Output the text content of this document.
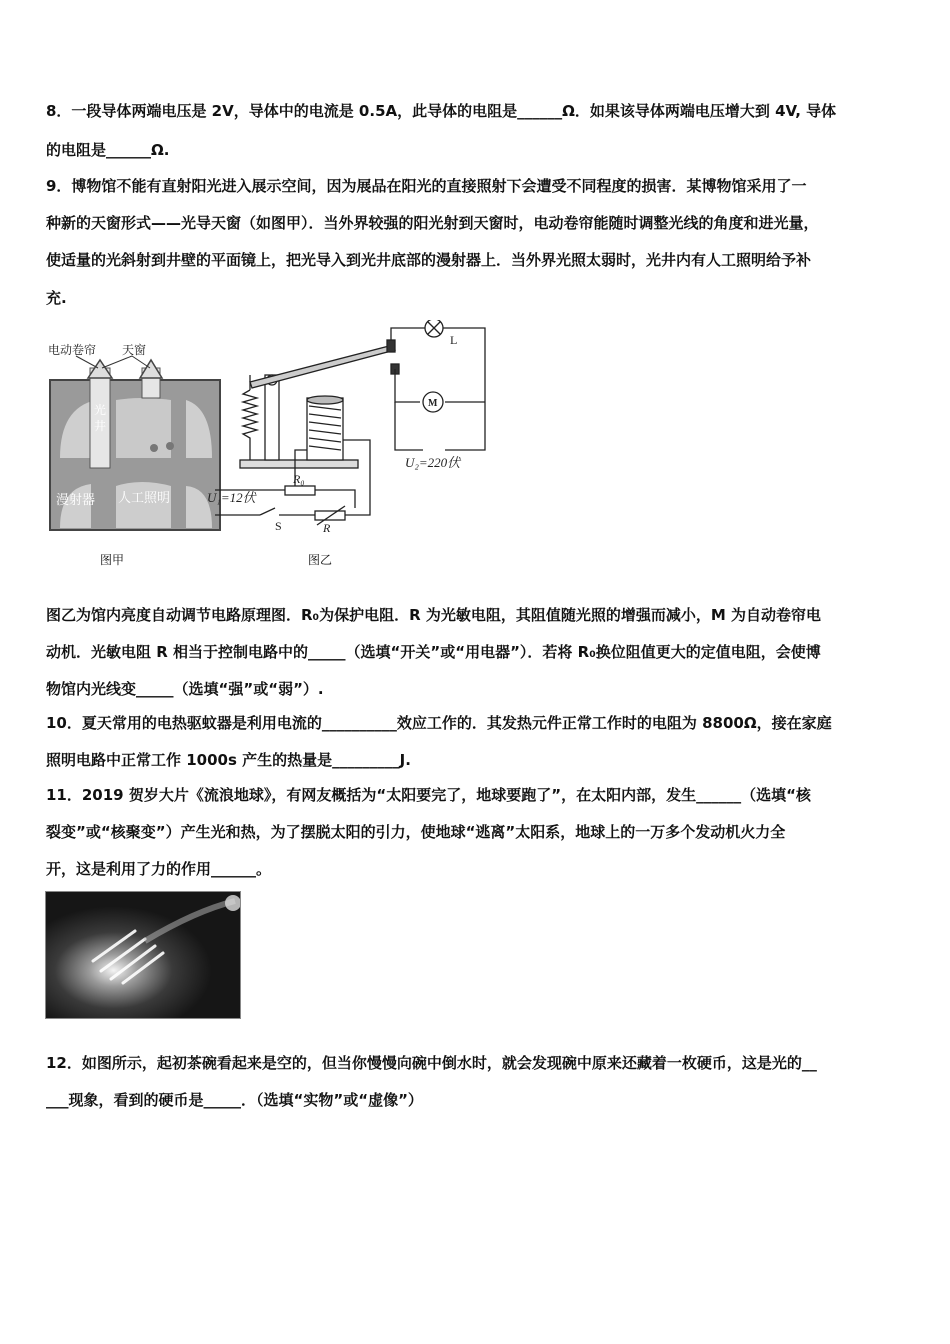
8．一段导体两端电压是 2V，导体中的电流是 0.5A，此导体的电阻是______Ω．如果该导体两端电压增大到 4V, 导体
的电阻是______Ω.
9．博物馆不能有直射阳光进入展示空间，因为展品在阳光的直接照射下会遭受不同程度的损害．某博物馆采用了一
种新的天窗形式——光导天窗（如图甲）．当外界较强的阳光射到天窗时，电动卷帘能随时调整光线的角度和进光量，
使适量的光斜射到井壁的平面镜上，把光导入到光井底部的漫射器上．当外界光照太弱时，光井内有人工照明给予补
充.
电动卷帘 天窗
光
井
漫射器 人工照明
图甲
L
M
U₂=220伏
U₁=12伏
R₀
S	R
图乙
图乙为馆内亮度自动调节电路原理图．R₀为保护电阻．R 为光敏电阻，其阻值随光照的增强而减小，M 为自动卷帘电
动机．光敏电阻 R 相当于控制电路中的_____（选填“开关”或“用电器”）．若将 R₀换位阻值更大的定值电阻，会使博
物馆内光线变_____（选填“强”或“弱”）.
10．夏天常用的电热驱蚊器是利用电流的__________效应工作的．其发热元件正常工作时的电阻为 8800Ω，接在家庭
照明电路中正常工作 1000s 产生的热量是_________J.
11．2019 贺岁大片《流浪地球》，有网友概括为“太阳要完了，地球要跑了”，在太阳内部，发生______（选填“核
裂变”或“核聚变”）产生光和热，为了摆脱太阳的引力，使地球“逃离”太阳系，地球上的一万多个发动机火力全
开，这是利用了力的作用______。
12．如图所示，起初茶碗看起来是空的，但当你慢慢向碗中倒水时，就会发现碗中原来还藏着一枚硬币，这是光的__
___现象，看到的硬币是_____．（选填“实物”或“虚像”）
